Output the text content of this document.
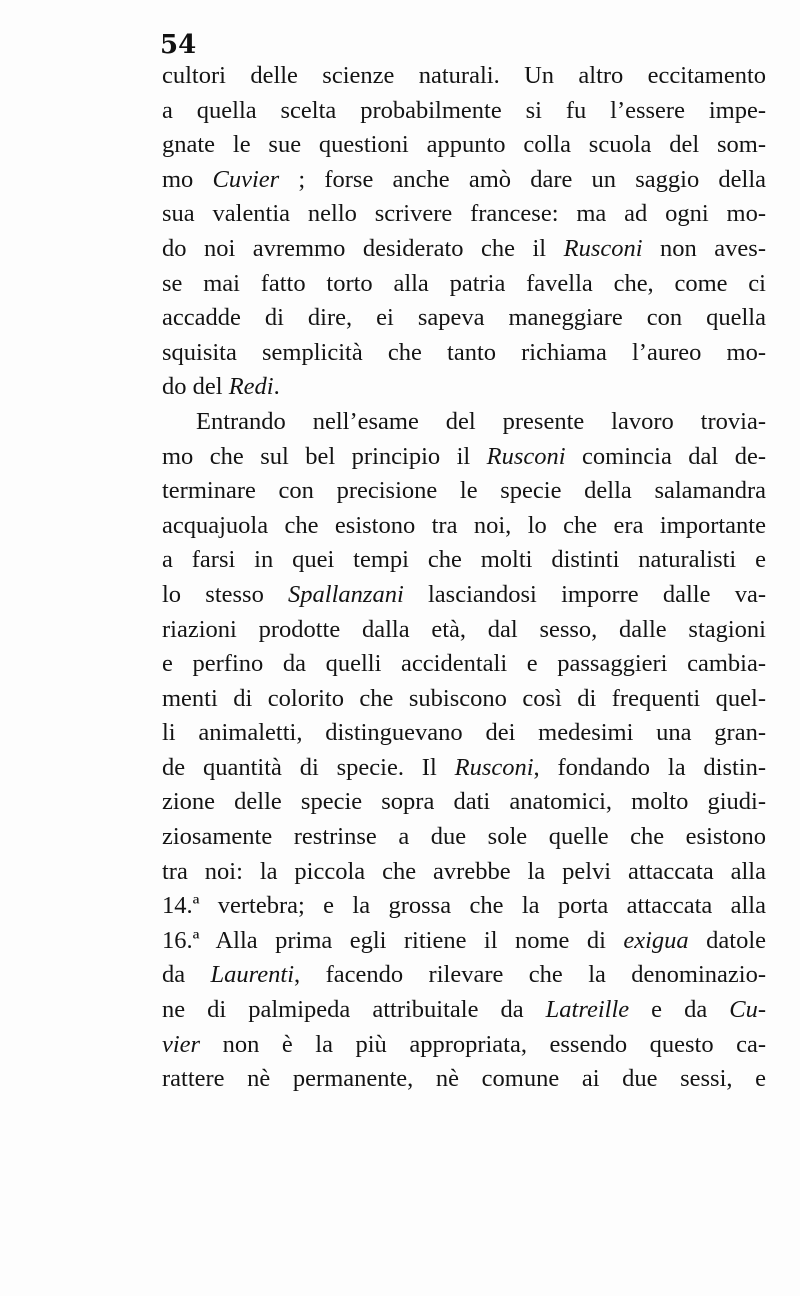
54
cultori delle scienze naturali. Un altro eccitamento
a quella scelta probabilmente si fu l’essere impe-
gnate le sue questioni appunto colla scuola del som-
mo Cuvier ; forse anche amò dare un saggio della
sua valentia nello scrivere francese: ma ad ogni mo-
do noi avremmo desiderato che il Rusconi non aves-
se mai fatto torto alla patria favella che, come ci
accadde di dire, ei sapeva maneggiare con quella
squisita semplicità che tanto richiama l’aureo mo-
do del Redi.
Entrando nell’esame del presente lavoro trovia-
mo che sul bel principio il Rusconi comincia dal de-
terminare con precisione le specie della salamandra
acquajuola che esistono tra noi, lo che era importante
a farsi in quei tempi che molti distinti naturalisti e
lo stesso Spallanzani lasciandosi imporre dalle va-
riazioni prodotte dalla età, dal sesso, dalle stagioni
e perfino da quelli accidentali e passaggieri cambia-
menti di colorito che subiscono così di frequenti quel-
li animaletti, distinguevano dei medesimi una gran-
de quantità di specie. Il Rusconi, fondando la distin-
zione delle specie sopra dati anatomici, molto giudi-
ziosamente restrinse a due sole quelle che esistono
tra noi: la piccola che avrebbe la pelvi attaccata alla
14.ª vertebra; e la grossa che la porta attaccata alla
16.ª Alla prima egli ritiene il nome di exigua datole
da Laurenti, facendo rilevare che la denominazio-
ne di palmipeda attribuitale da Latreille e da Cu-
vier non è la più appropriata, essendo questo ca-
rattere nè permanente, nè comune ai due sessi, e
